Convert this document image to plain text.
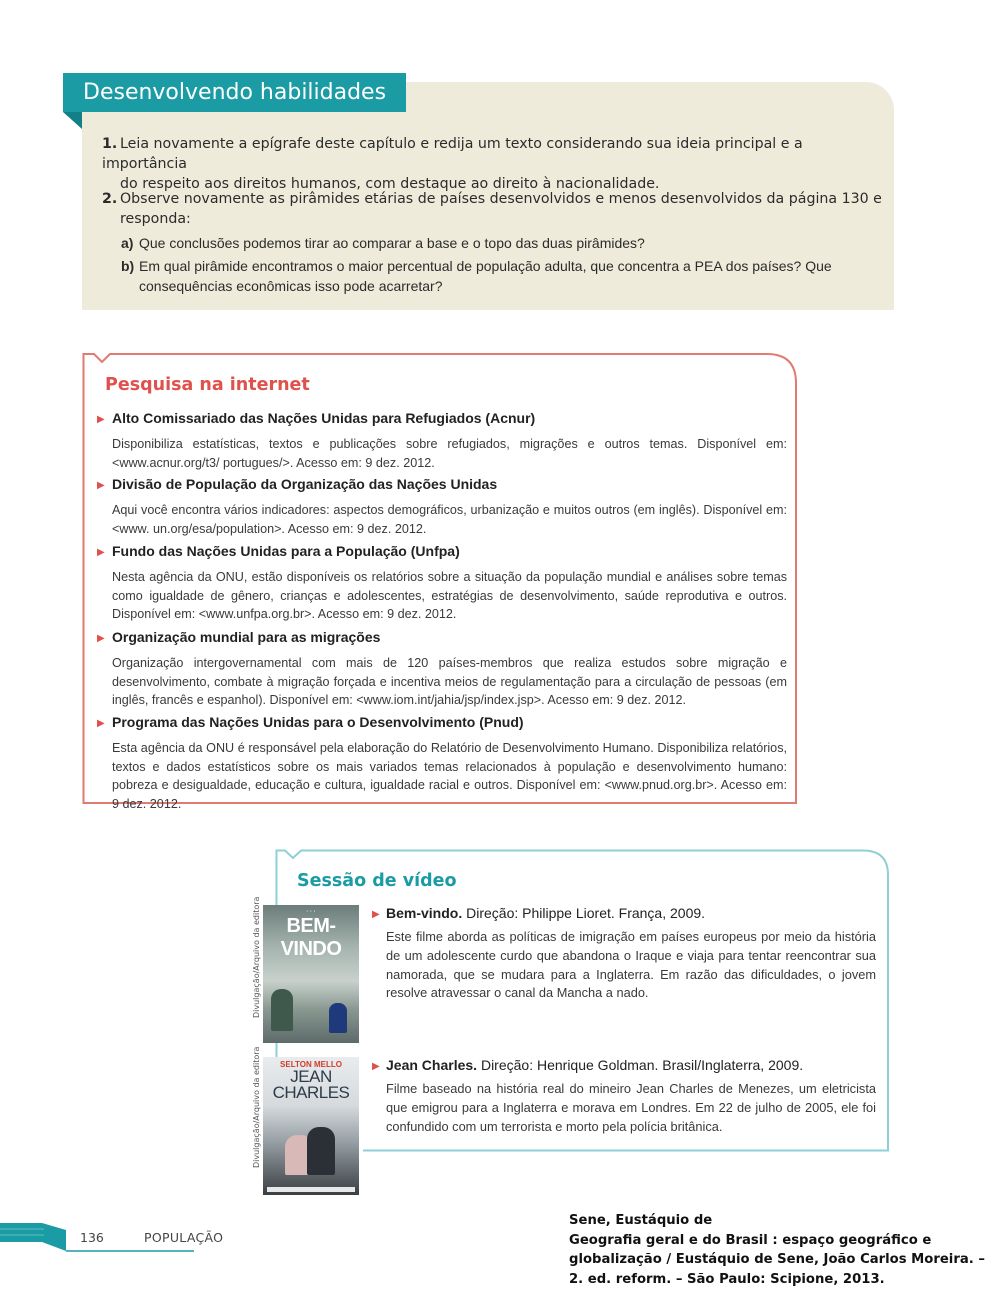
Desenvolvendo habilidades
1. Leia novamente a epígrafe deste capítulo e redija um texto considerando sua ideia principal e a importância
do respeito aos direitos humanos, com destaque ao direito à nacionalidade.
2. Observe novamente as pirâmides etárias de países desenvolvidos e menos desenvolvidos da página 130 e
responda:
a) Que conclusões podemos tirar ao comparar a base e o topo das duas pirâmides?
b) Em qual pirâmide encontramos o maior percentual de população adulta, que concentra a PEA dos países? Que
consequências econômicas isso pode acarretar?
Pesquisa na internet
▶ Alto Comissariado das Nações Unidas para Refugiados (Acnur)
Disponibiliza estatísticas, textos e publicações sobre refugiados, migrações e outros temas. Disponível em: <www.acnur.org/t3/ portugues/>. Acesso em: 9 dez. 2012.
▶ Divisão de População da Organização das Nações Unidas
Aqui você encontra vários indicadores: aspectos demográficos, urbanização e muitos outros (em inglês). Disponível em: <www. un.org/esa/population>. Acesso em: 9 dez. 2012.
▶ Fundo das Nações Unidas para a População (Unfpa)
Nesta agência da ONU, estão disponíveis os relatórios sobre a situação da população mundial e análises sobre temas como igualdade de gênero, crianças e adolescentes, estratégias de desenvolvimento, saúde reprodutiva e outros. Disponível em: <www.unfpa.org.br>. Acesso em: 9 dez. 2012.
▶ Organização mundial para as migrações
Organização intergovernamental com mais de 120 países-membros que realiza estudos sobre migração e desenvolvimento, combate à migração forçada e incentiva meios de regulamentação para a circulação de pessoas (em inglês, francês e espanhol). Disponível em: <www.iom.int/jahia/jsp/index.jsp>. Acesso em: 9 dez. 2012.
▶ Programa das Nações Unidas para o Desenvolvimento (Pnud)
Esta agência da ONU é responsável pela elaboração do Relatório de Desenvolvimento Humano. Disponibiliza relatórios, textos e dados estatísticos sobre os mais variados temas relacionados à população e desenvolvimento humano: pobreza e desigualdade, educação e cultura, igualdade racial e outros. Disponível em: <www.pnud.org.br>. Acesso em: 9 dez. 2012.
Sessão de vídeo
· · ·
BEM-VINDO
Divulgação/Arquivo da editora	▶ Bem-vindo. Direção: Philippe Lioret. França, 2009.
Este filme aborda as políticas de imigração em países europeus por meio da história de um adolescente curdo que abandona o Iraque e viaja para tentar reencontrar sua namorada, que se mudara para a Inglaterra. Em razão das dificuldades, o jovem resolve atravessar o canal da Mancha a nado.
SELTON MELLO
JEAN
CHARLES
Divulgação/Arquivo da editora	▶ Jean Charles. Direção: Henrique Goldman. Brasil/Inglaterra, 2009.
Filme baseado na história real do mineiro Jean Charles de Menezes, um eletricista que emigrou para a Inglaterra e morava em Londres. Em 22 de julho de 2005, ele foi confundido com um terrorista e morto pela polícia britânica.
136	POPULAÇÃO
Sene, Eustáquio de
Geografia geral e do Brasil : espaço geográfico e
globalização / Eustáquio de Sene, João Carlos Moreira. –
2. ed. reform. – São Paulo: Scipione, 2013.
